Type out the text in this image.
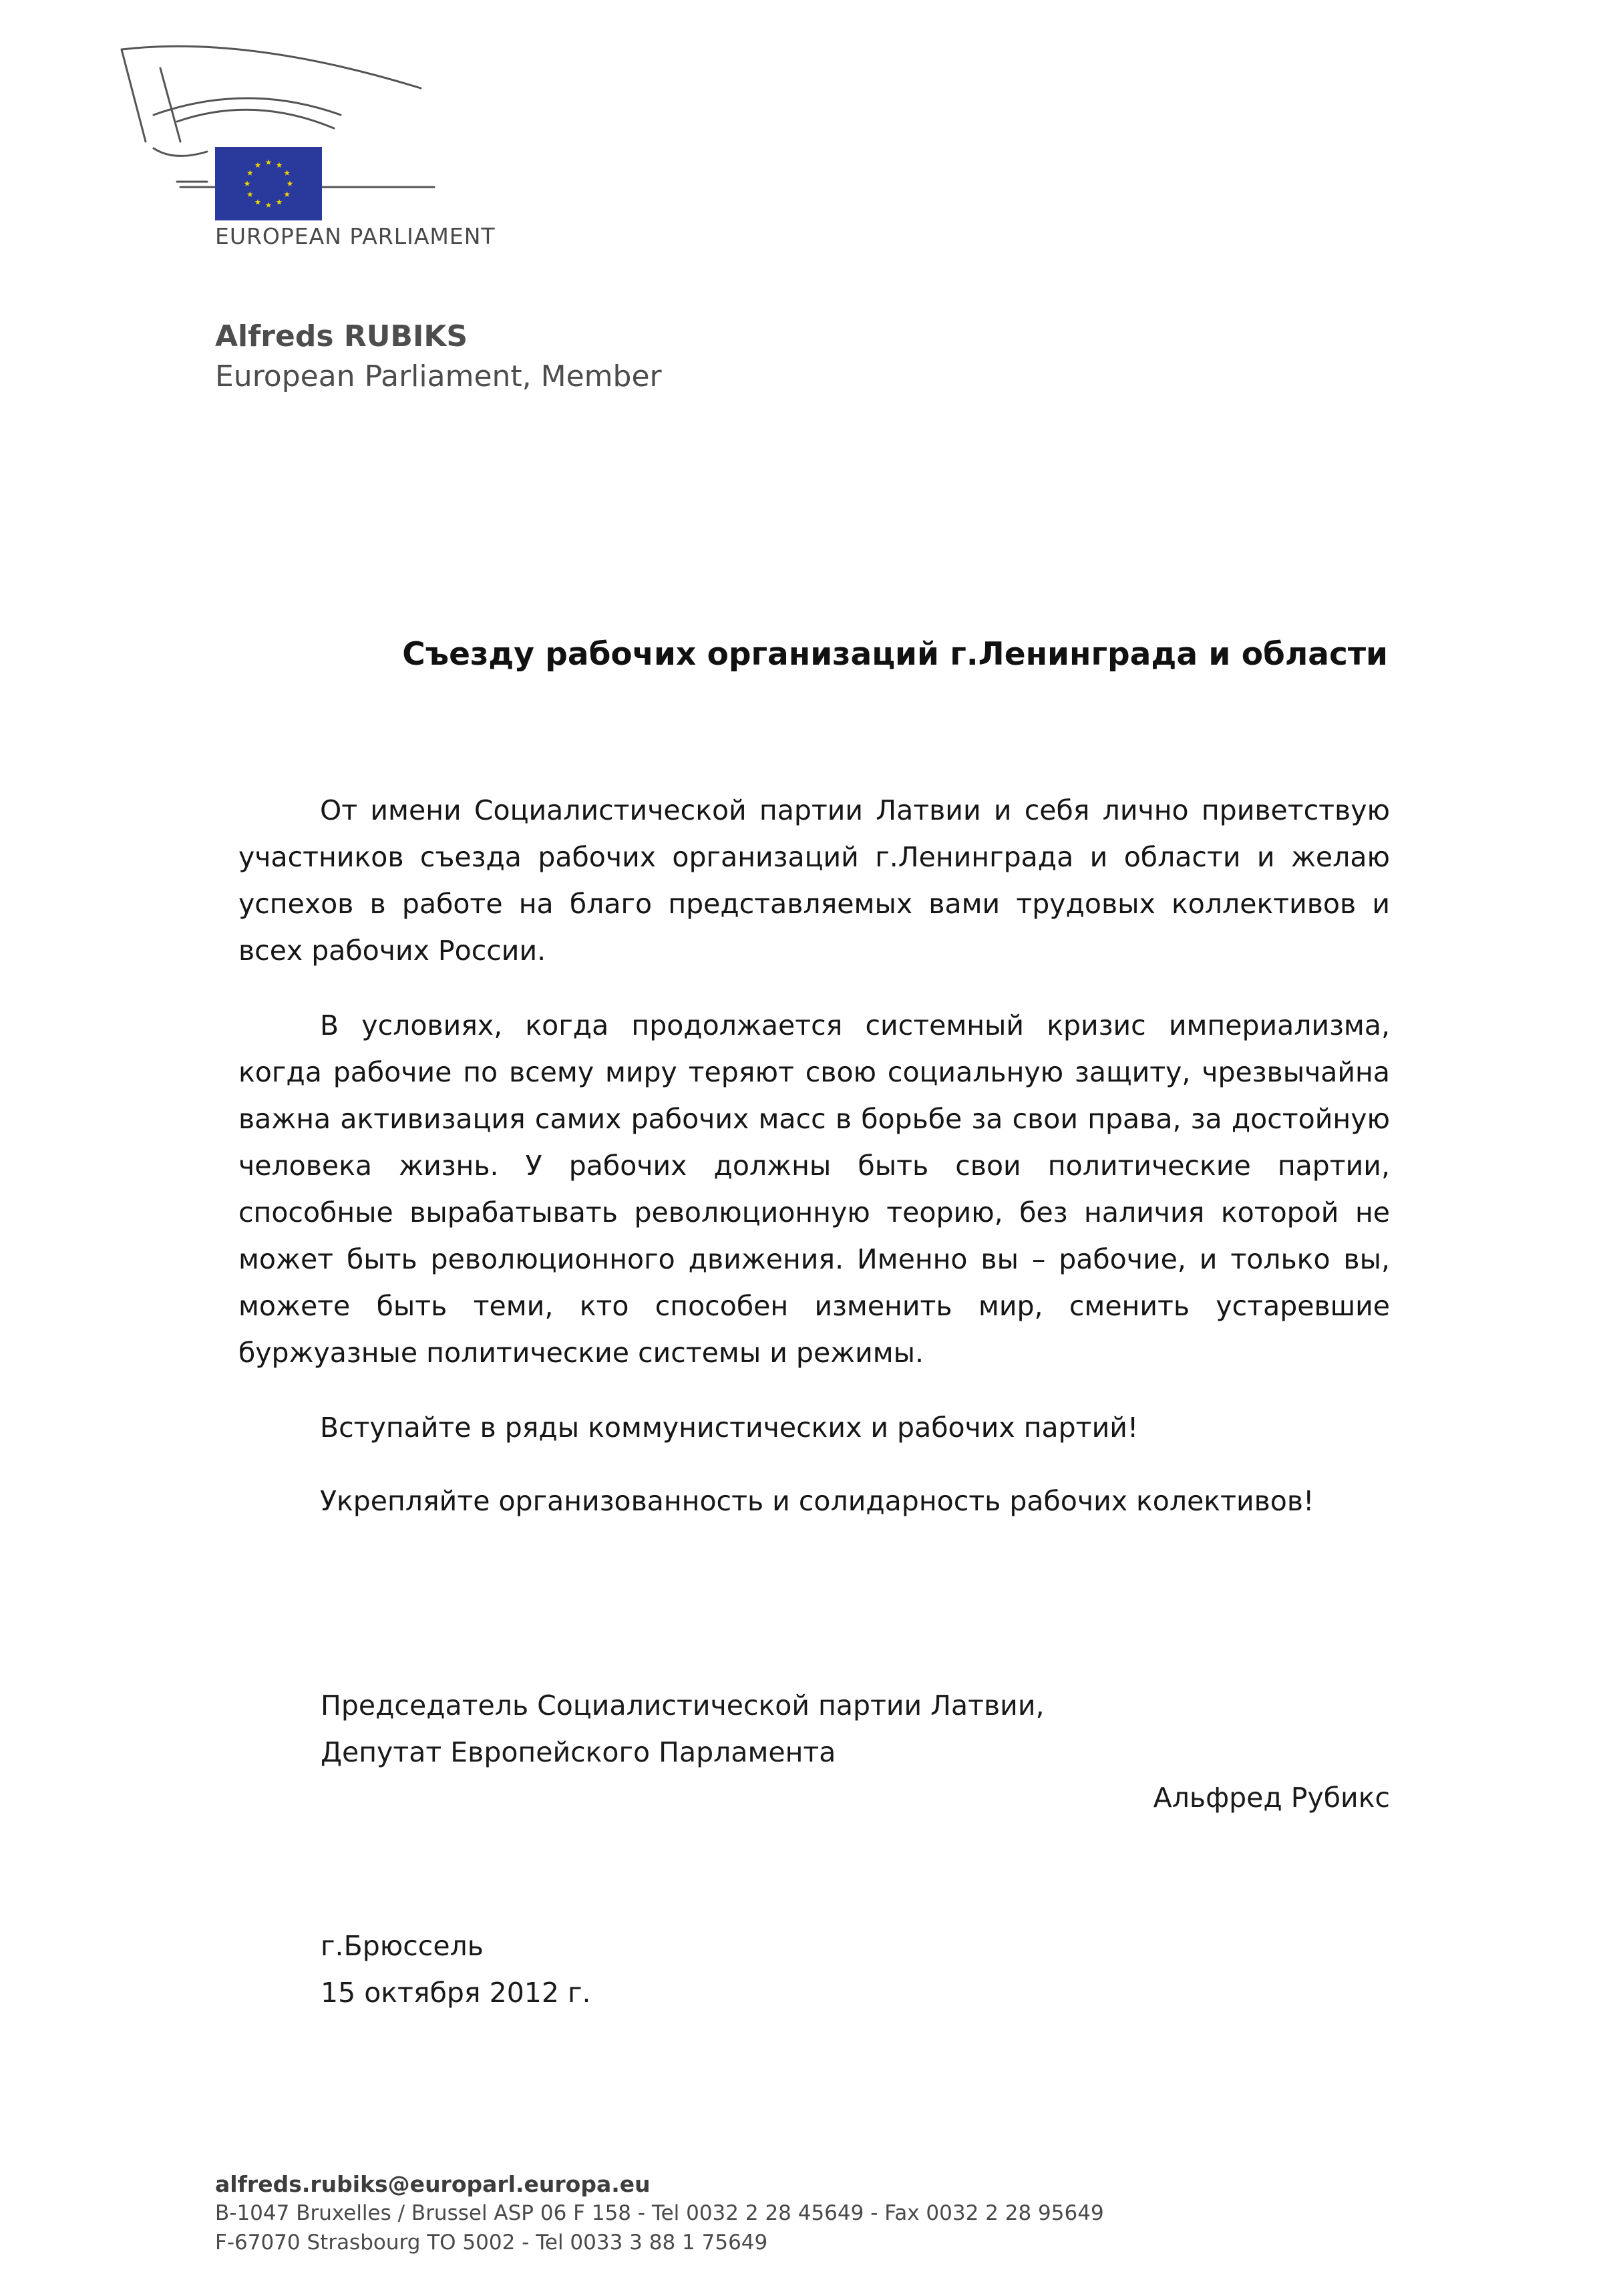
EUROPEAN PARLIAMENT
Alfreds RUBIKS
European Parliament, Member
Съезду рабочих организаций г.Ленинграда и области

От имени Социалистической партии Латвии и себя лично приветствую участников съезда рабочих организаций г.Ленинграда и области и желаю успехов в работе на благо представляемых вами трудовых коллективов и всех рабочих России.

В условиях, когда продолжается системный кризис империализма, когда рабочие по всему миру теряют свою социальную защиту, чрезвычайна важна активизация самих рабочих масс в борьбе за свои права, за достойную человека жизнь. У рабочих должны быть свои политические партии, способные вырабатывать революционную теорию, без наличия которой не может быть революционного движения. Именно вы – рабочие, и только вы, можете быть теми, кто способен изменить мир, сменить устаревшие буржуазные политические системы и режимы.

Вступайте в ряды коммунистических и рабочих партий!

Укрепляйте организованность и солидарность рабочих колективов!

Председатель Социалистической партии Латвии,
Депутат Европейского Парламента
Альфред Рубикс
г.Брюссель
15 октября 2012 г.
alfreds.rubiks@europarl.europa.eu
B-1047 Bruxelles / Brussel ASP 06 F 158 - Tel 0032 2 28 45649 - Fax 0032 2 28 95649
F-67070 Strasbourg TO 5002 - Tel 0033 3 88 1 75649
